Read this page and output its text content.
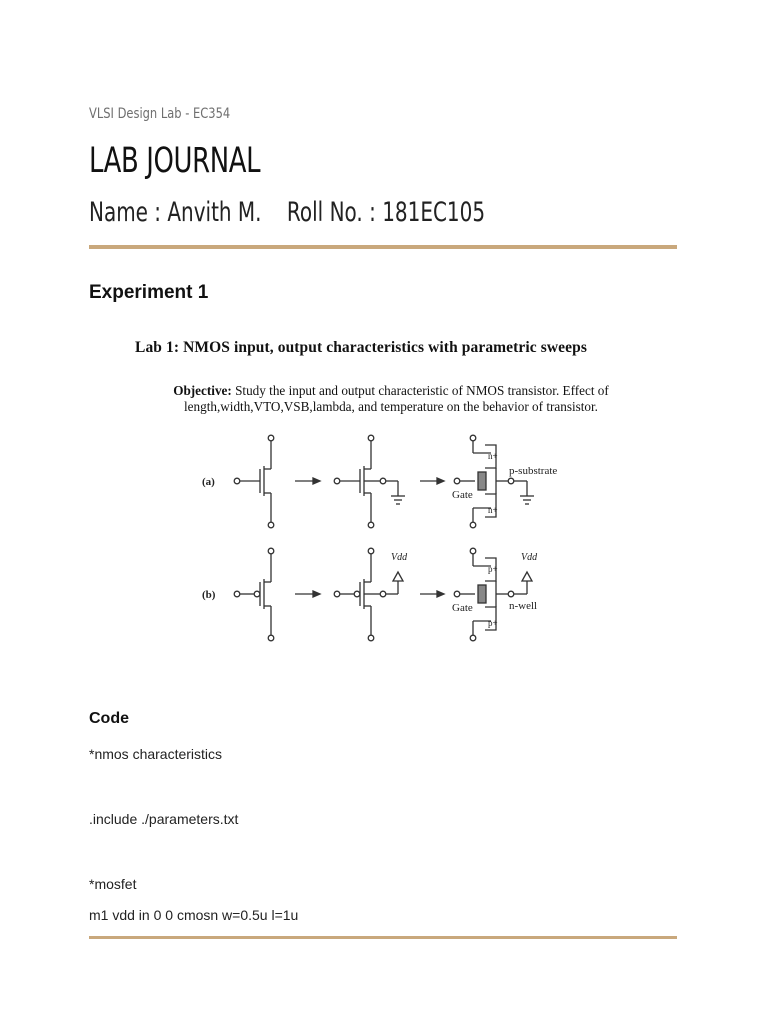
VLSI Design Lab - EC354
LAB JOURNAL
Name : Anvith M.    Roll No. : 181EC105
Experiment 1
Lab 1: NMOS input, output characteristics with parametric sweeps
Objective: Study the input and output characteristic of NMOS transistor. Effect of length,width,VTO,VSB,lambda, and temperature on the behavior of transistor.
(a)
(b)
n+
n+
Gate
p-substrate
p+
p+
Gate	n-well
Vdd	Vdd
Code
*nmos characteristics
.include ./parameters.txt
*mosfet
m1 vdd in 0 0 cmosn w=0.5u l=1u
